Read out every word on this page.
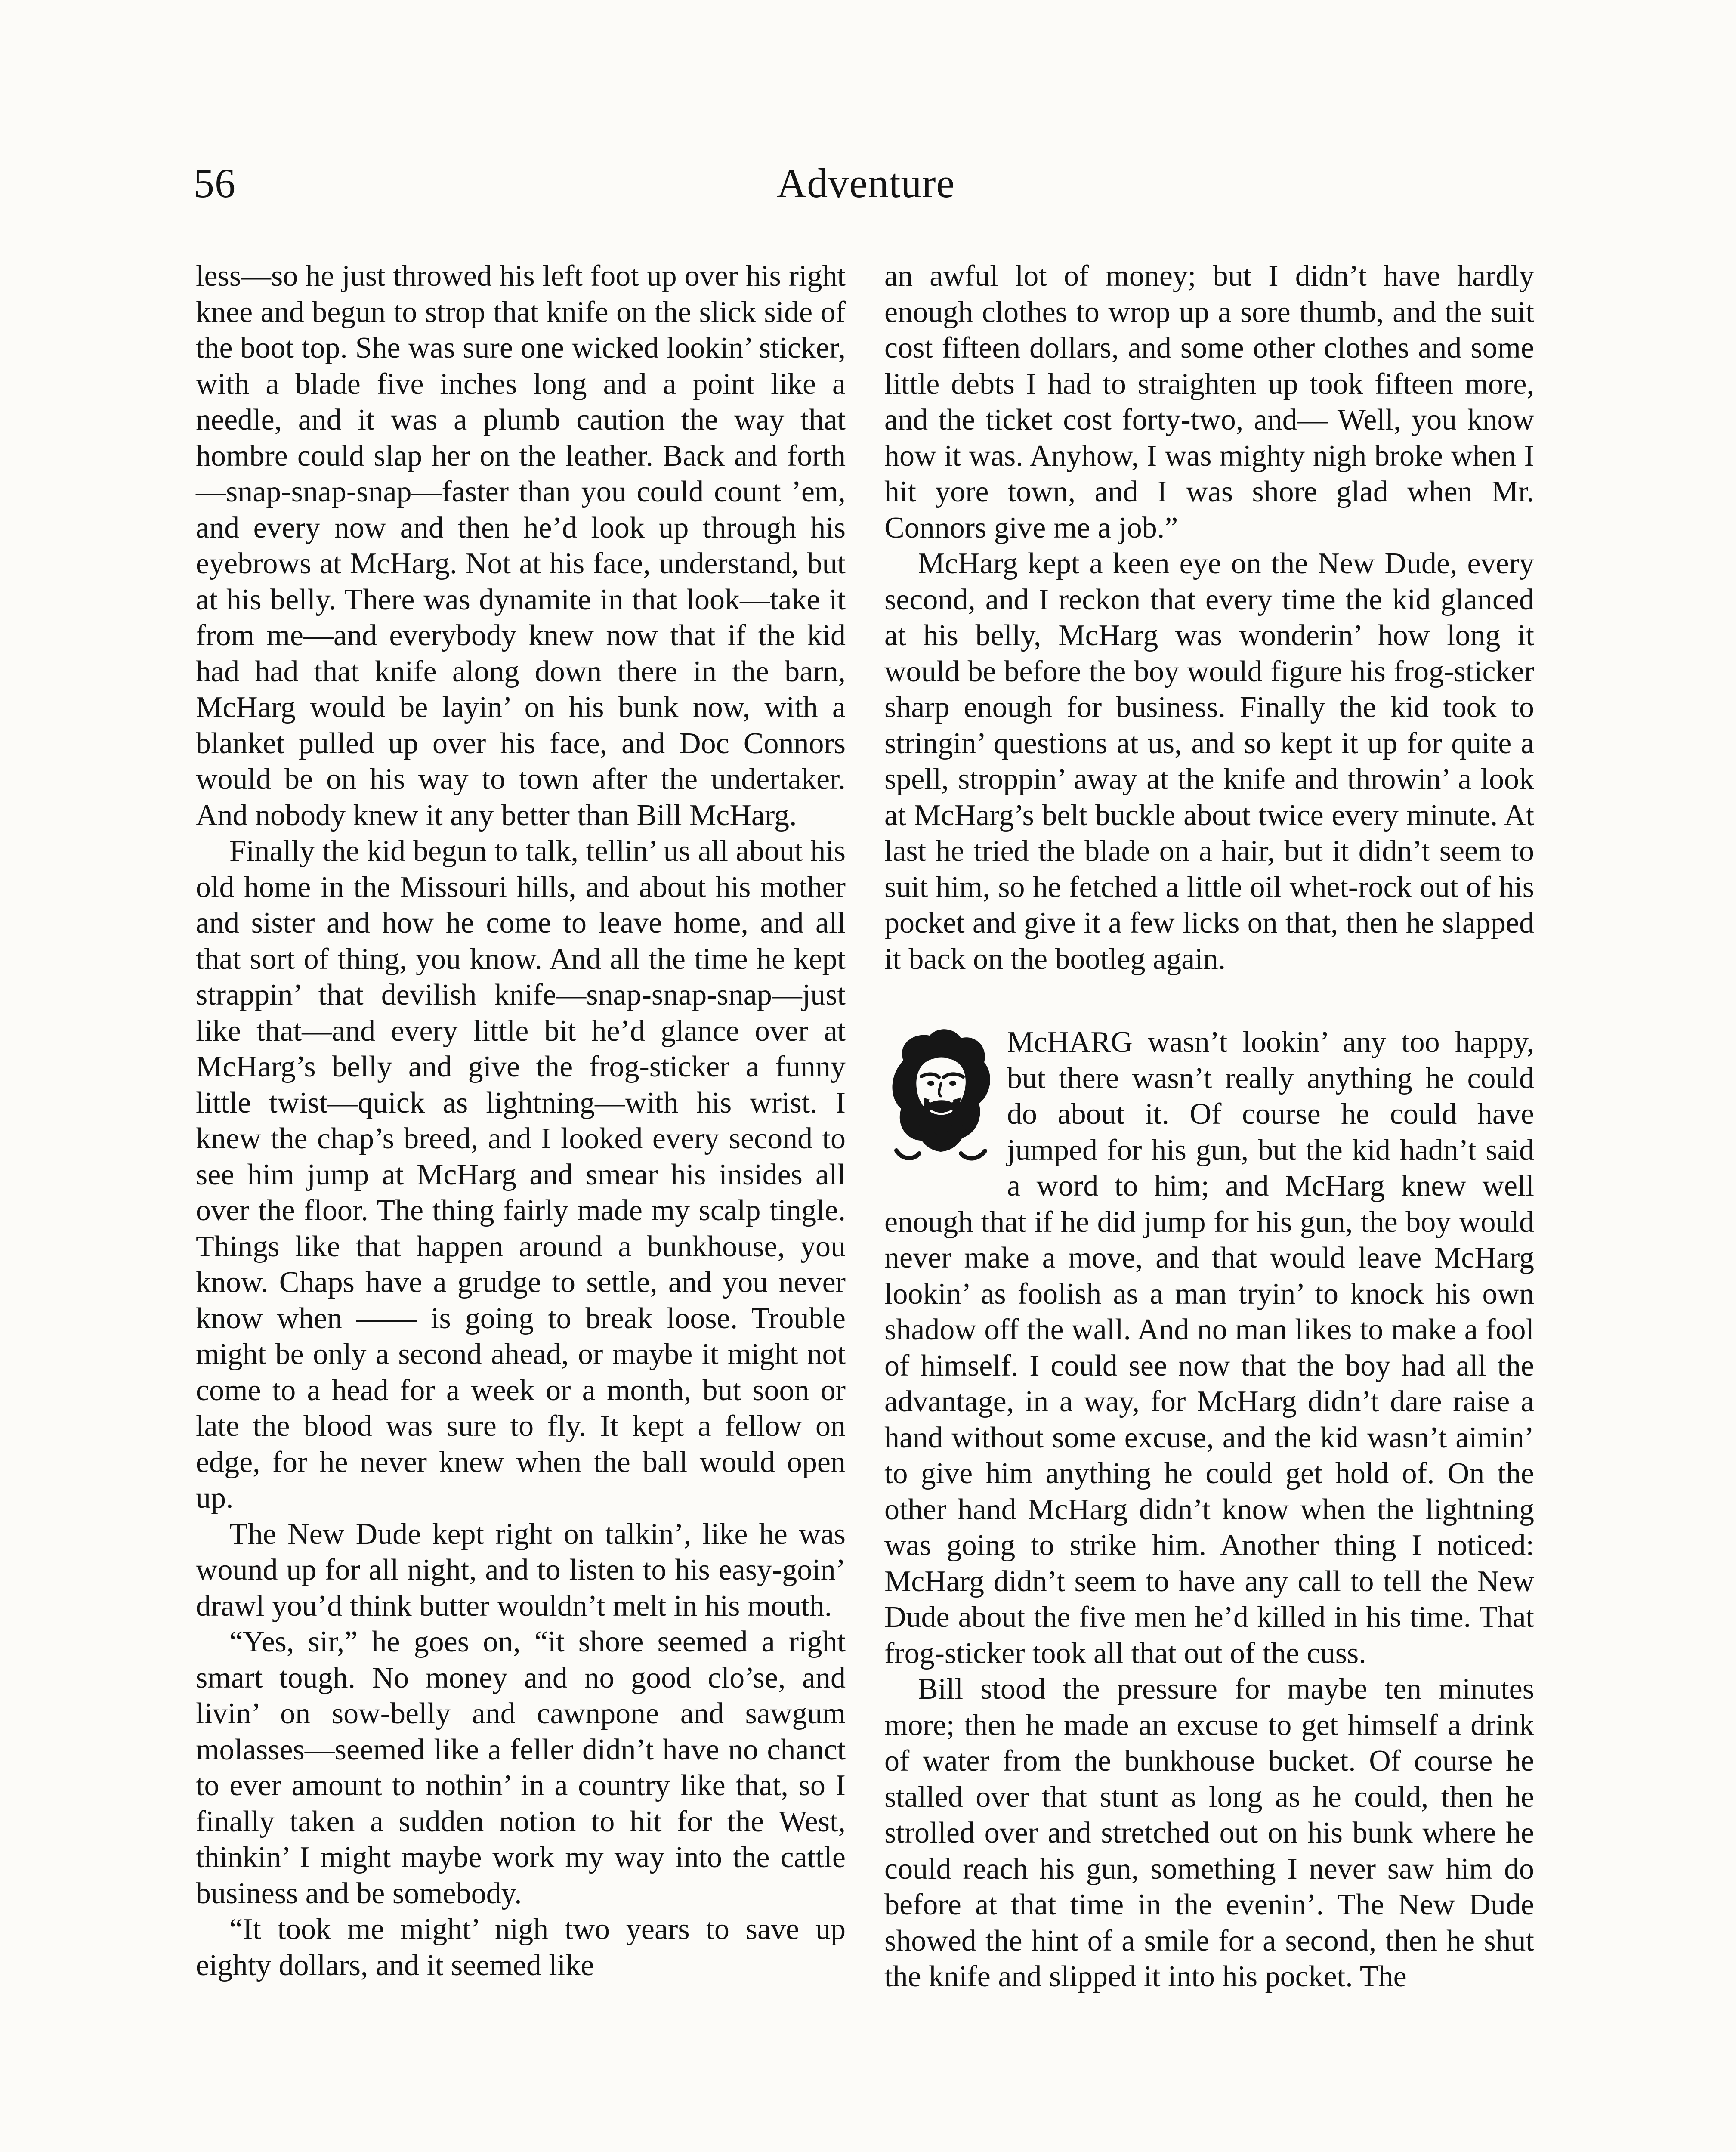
56	Adventure

less—so he just throwed his left foot up over his right knee and begun to strop that knife on the slick side of the boot top. She was sure one wicked lookin’ sticker, with a blade five inches long and a point like a needle, and it was a plumb caution the way that hombre could slap her on the leather. Back and forth—snap-snap-snap—faster than you could count ’em, and every now and then he’d look up through his eyebrows at McHarg. Not at his face, understand, but at his belly. There was dynamite in that look—take it from me—and everybody knew now that if the kid had had that knife along down there in the barn, McHarg would be layin’ on his bunk now, with a blanket pulled up over his face, and Doc Connors would be on his way to town after the undertaker. And nobody knew it any better than Bill McHarg.

Finally the kid begun to talk, tellin’ us all about his old home in the Missouri hills, and about his mother and sister and how he come to leave home, and all that sort of thing, you know. And all the time he kept strappin’ that devilish knife—snap-snap-snap—just like that—and every little bit he’d glance over at McHarg’s belly and give the frog-sticker a funny little twist—quick as lightning—with his wrist. I knew the chap’s breed, and I looked every second to see him jump at McHarg and smear his insides all over the floor. The thing fairly made my scalp tingle. Things like that happen around a bunkhouse, you know. Chaps have a grudge to settle, and you never know when —— is going to break loose. Trouble might be only a second ahead, or maybe it might not come to a head for a week or a month, but soon or late the blood was sure to fly. It kept a fellow on edge, for he never knew when the ball would open up.

The New Dude kept right on talkin’, like he was wound up for all night, and to listen to his easy-goin’ drawl you’d think butter wouldn’t melt in his mouth.

“Yes, sir,” he goes on, “it shore seemed a right smart tough. No money and no good clo’se, and livin’ on sow-belly and cawnpone and sawgum molasses—seemed like a feller didn’t have no chanct to ever amount to nothin’ in a country like that, so I finally taken a sudden notion to hit for the West, thinkin’ I might maybe work my way into the cattle business and be somebody.

“It took me might’ nigh two years to save up eighty dollars, and it seemed like

an awful lot of money; but I didn’t have hardly enough clothes to wrop up a sore thumb, and the suit cost fifteen dollars, and some other clothes and some little debts I had to straighten up took fifteen more, and the ticket cost forty-two, and— Well, you know how it was. Anyhow, I was mighty nigh broke when I hit yore town, and I was shore glad when Mr. Connors give me a job.”

McHarg kept a keen eye on the New Dude, every second, and I reckon that every time the kid glanced at his belly, McHarg was wonderin’ how long it would be before the boy would figure his frog-sticker sharp enough for business. Finally the kid took to stringin’ questions at us, and so kept it up for quite a spell, stroppin’ away at the knife and throwin’ a look at McHarg’s belt buckle about twice every minute. At last he tried the blade on a hair, but it didn’t seem to suit him, so he fetched a little oil whet-rock out of his pocket and give it a few licks on that, then he slapped it back on the bootleg again.

McHARG wasn’t lookin’ any too happy, but there wasn’t really anything he could do about it. Of course he could have jumped for his gun, but the kid hadn’t said a word to him; and McHarg knew well enough that if he did jump for his gun, the boy would never make a move, and that would leave McHarg lookin’ as foolish as a man tryin’ to knock his own shadow off the wall. And no man likes to make a fool of himself. I could see now that the boy had all the advantage, in a way, for McHarg didn’t dare raise a hand without some excuse, and the kid wasn’t aimin’ to give him anything he could get hold of. On the other hand McHarg didn’t know when the lightning was going to strike him. Another thing I noticed: McHarg didn’t seem to have any call to tell the New Dude about the five men he’d killed in his time. That frog-sticker took all that out of the cuss.

Bill stood the pressure for maybe ten minutes more; then he made an excuse to get himself a drink of water from the bunkhouse bucket. Of course he stalled over that stunt as long as he could, then he strolled over and stretched out on his bunk where he could reach his gun, something I never saw him do before at that time in the evenin’. The New Dude showed the hint of a smile for a second, then he shut the knife and slipped it into his pocket. The
